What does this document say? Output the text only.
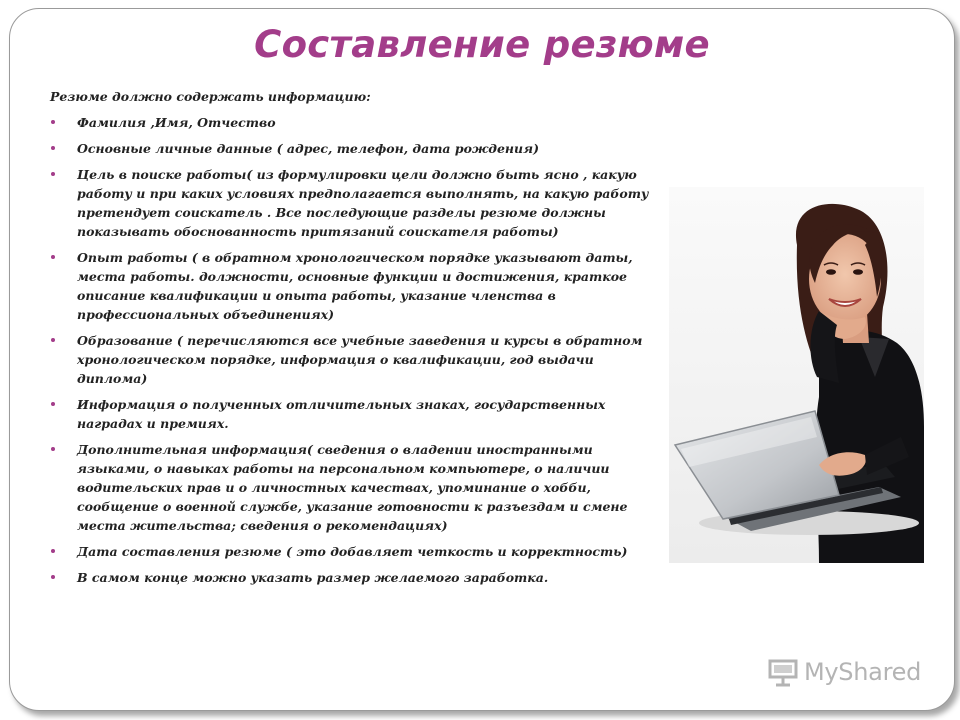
Составление резюме

Резюме должно содержать информацию:

Фамилия ,Имя, Отчество
Основные личные данные ( адрес, телефон, дата рождения)
Цель в поиске работы( из формулировки цели должно быть ясно , какую работу и при каких условиях предполагается выполнять, на какую работу претендует соискатель . Все последующие разделы резюме должны показывать обоснованность притязаний соискателя работы)
Опыт работы ( в обратном хронологическом порядке указывают даты, места работы. должности, основные функции и достижения, краткое описание квалификации и опыта работы, указание членства в профессиональных объединениях)
Образование ( перечисляются все учебные заведения и курсы в обратном хронологическом порядке, информация о квалификации, год выдачи диплома)
Информация о полученных отличительных знаках, государственных наградах и премиях.
Дополнительная информация( сведения о владении иностранными языками, о навыках работы на персональном компьютере, о наличии водительских прав и о личностных качествах, упоминание о хобби, сообщение о военной службе, указание готовности к разъездам и смене места жительства; сведения о рекомендациях)
Дата составления резюме ( это добавляет четкость и корректность)
В самом конце можно указать размер желаемого заработка.
MyShared
